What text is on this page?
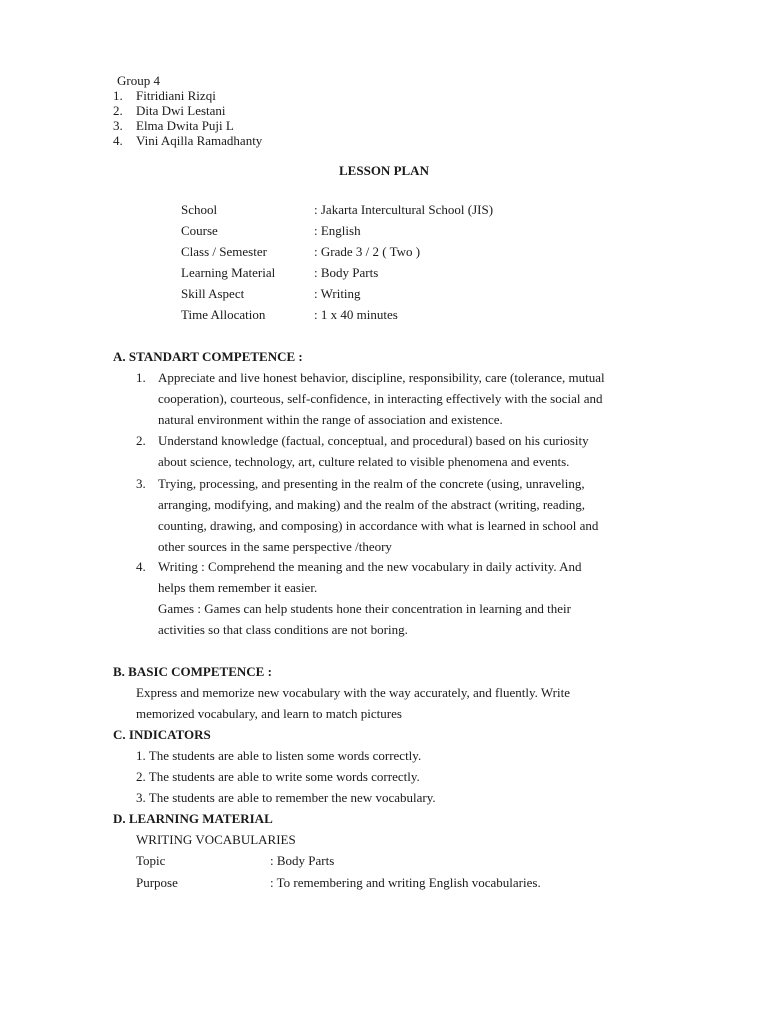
Group 4
1. Fitridiani Rizqi
2. Dita Dwi Lestani
3. Elma Dwita Puji L
4. Vini Aqilla Ramadhanty
LESSON PLAN
School	: Jakarta Intercultural School (JIS)
Course	: English
Class / Semester	: Grade 3 / 2 ( Two )
Learning Material	: Body Parts
Skill Aspect	: Writing
Time Allocation	: 1 x 40 minutes
A. STANDART COMPETENCE :
1. Appreciate and live honest behavior, discipline, responsibility, care (tolerance, mutual
cooperation), courteous, self-confidence, in interacting effectively with the social and
natural environment within the range of association and existence.
2. Understand knowledge (factual, conceptual, and procedural) based on his curiosity
about science, technology, art, culture related to visible phenomena and events.
3. Trying, processing, and presenting in the realm of the concrete (using, unraveling,
arranging, modifying, and making) and the realm of the abstract (writing, reading,
counting, drawing, and composing) in accordance with what is learned in school and
other sources in the same perspective /theory
4. Writing : Comprehend the meaning and the new vocabulary in daily activity. And
helps them remember it easier.
Games : Games can help students hone their concentration in learning and their
activities so that class conditions are not boring.
B. BASIC COMPETENCE :
Express and memorize new vocabulary with the way accurately, and fluently. Write
memorized vocabulary, and learn to match pictures
C. INDICATORS
1. The students are able to listen some words correctly.
2. The students are able to write some words correctly.
3. The students are able to remember the new vocabulary.
D. LEARNING MATERIAL
WRITING VOCABULARIES
Topic	: Body Parts
Purpose	: To remembering and writing English vocabularies.
